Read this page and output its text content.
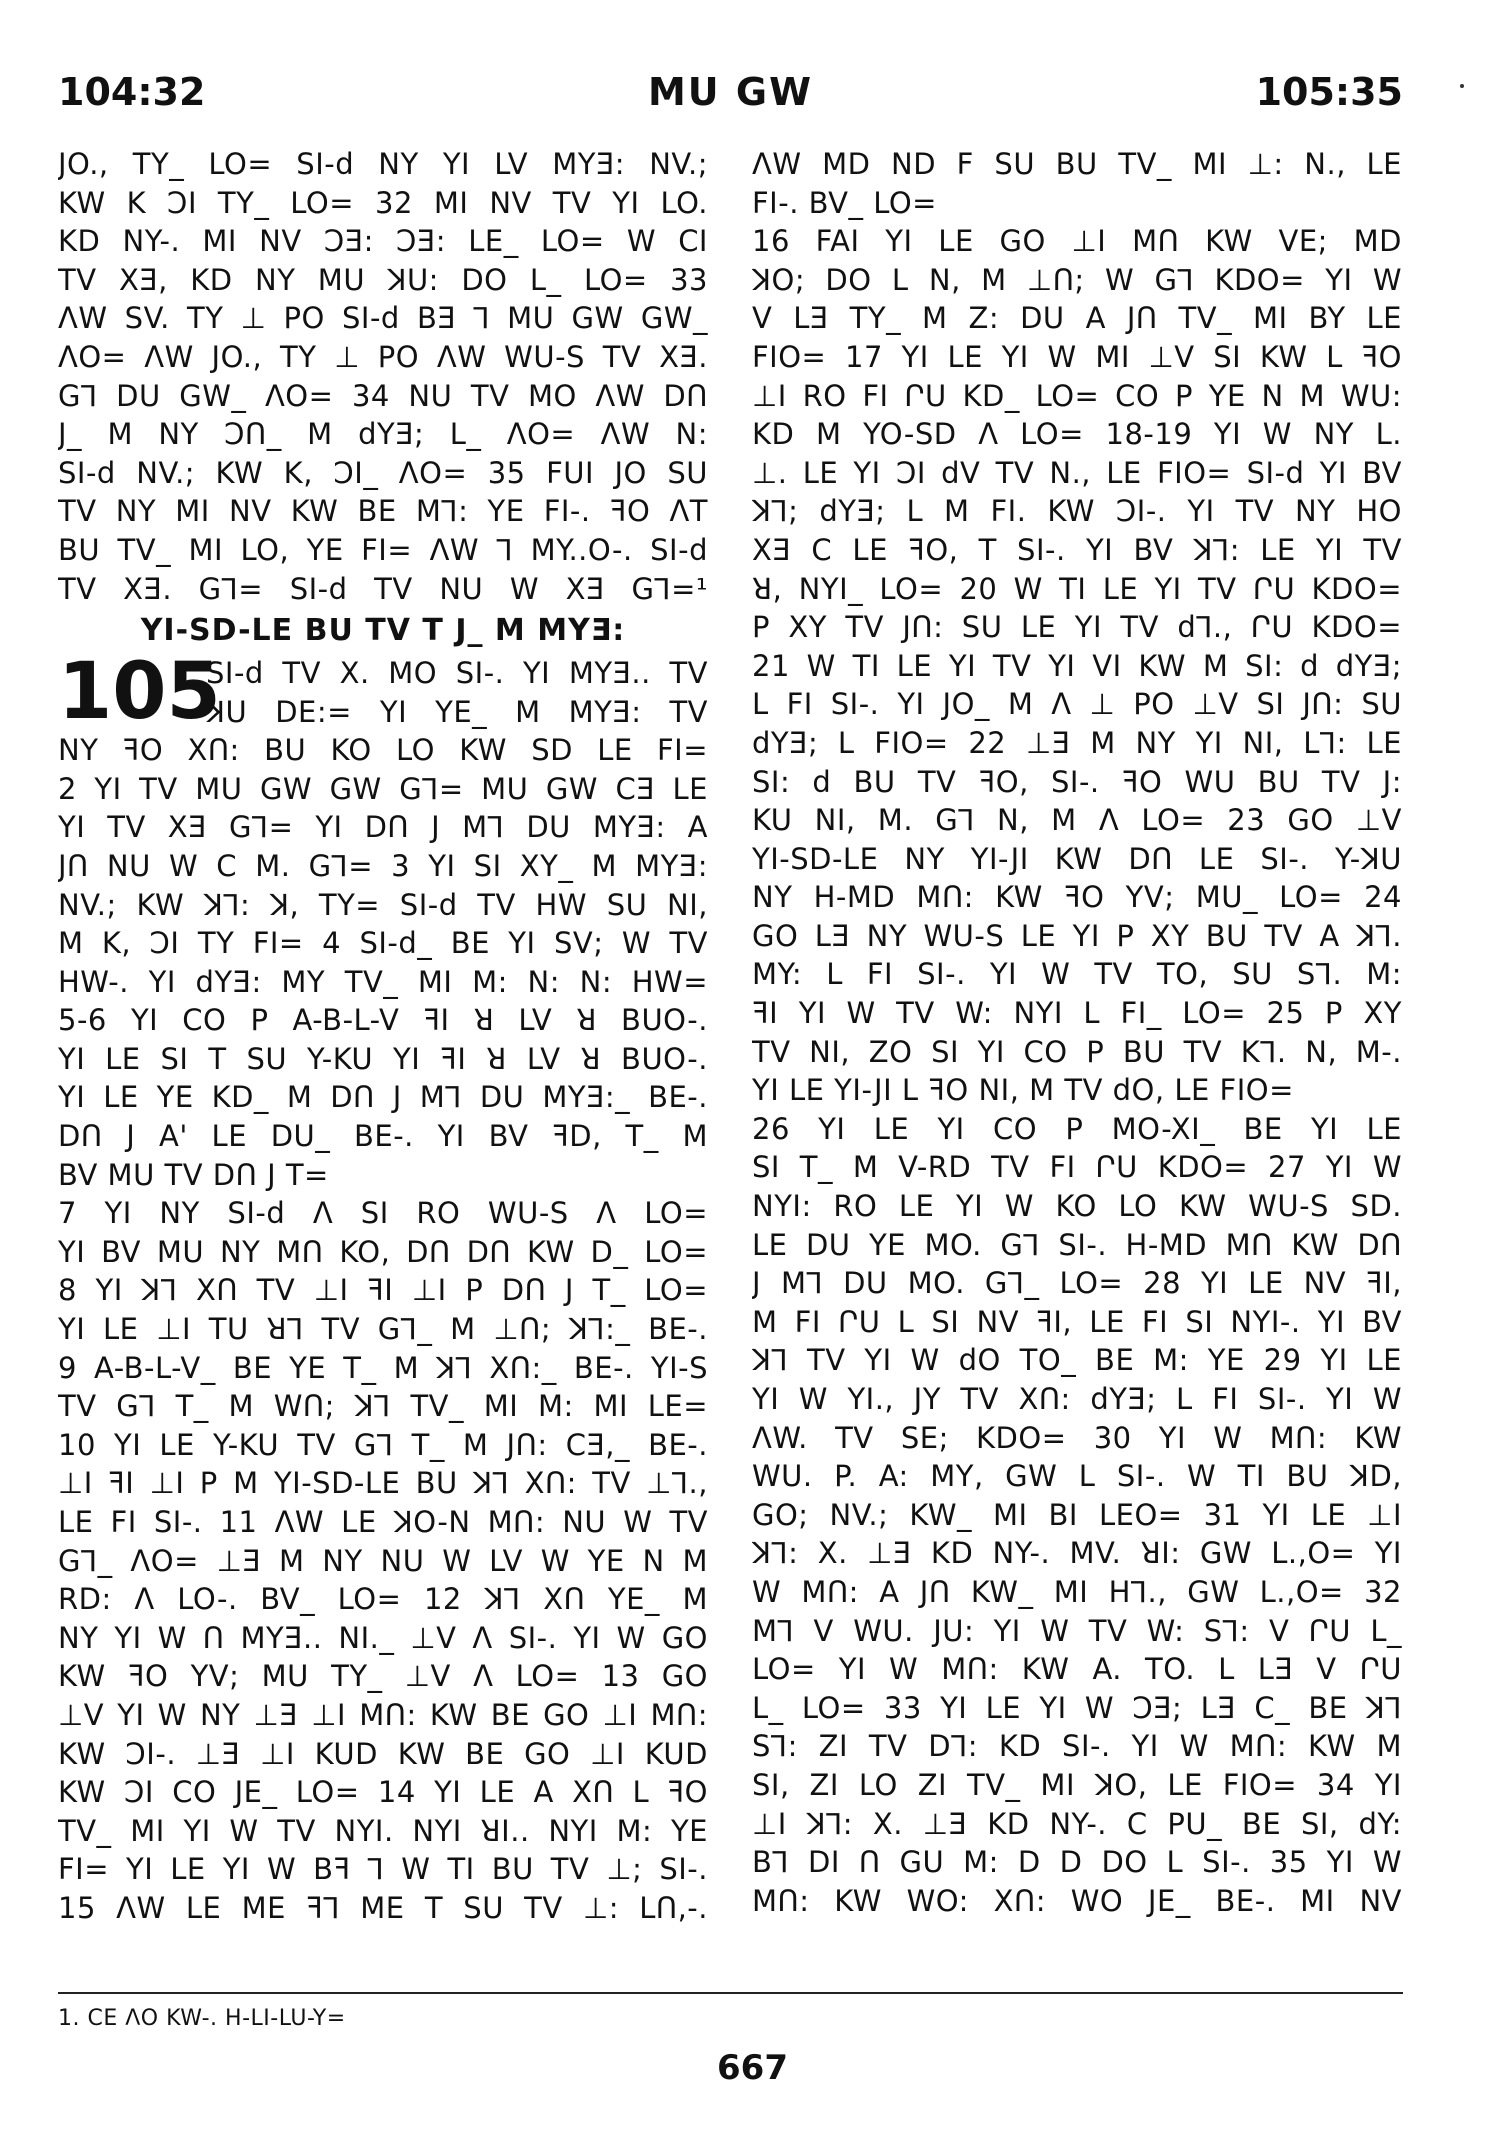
104:32	MU GW	105:35
JO., TY_ LO= SI-d NY YI LV MYƎ: NV.;
KW K ƆI TY_ LO= 32 MI NV TV YI LO.
KD NY-. MI NV ƆƎ: ƆƎ: LE_ LO= W CI
TV XƎ, KD NY MU ꓘU: DO L_ LO= 33
ΛW SV. TY ⊥ PO SI-d BƎ ꓶ MU GW GW_
ΛO= ΛW JO., TY ⊥ PO ΛW WU-S TV XƎ.
Gꓶ DU GW_ ΛO= 34 NU TV MO ΛW DՈ
J_ M NY ƆՈ_ M dYƎ; L_ ΛO= ΛW N:
SI-d NV.; KW K, ƆI_ ΛO= 35 FUI JO SU
TV NY MI NV KW BE Mꓶ: YE FI-. ꟻO ΛT
BU TV_ MI LO, YE FI= ΛW ꓶ MY..O-. SI-d
TV XƎ. Gꓶ= SI-d TV NU W XƎ Gꓶ=¹
YI-SD-LE BU TV T J_ M MYƎ:
105
SI-d TV X. MO SI-. YI MYƎ.. TV
ꓘU DE:= YI YE_ M MYƎ: TV
NY ꟻO XՈ: BU KO LO KW SD LE FI=
2 YI TV MU GW GW Gꓶ= MU GW CƎ LE
YI TV XƎ Gꓶ= YI DՈ J Mꓶ DU MYƎ: A
JՈ NU W C M. Gꓶ= 3 YI SI XY_ M MYƎ:
NV.; KW ꓘꓶ: ꓘ, TY= SI-d TV HW SU NI,
M K, ƆI TY FI= 4 SI-d_ BE YI SV; W TV
HW-. YI dYƎ: MY TV_ MI M: N: N: HW=
5-6 YI CO P A-B-L-V ꟻI ꓤ LV ꓤ BUO-.
YI LE SI T SU Y-KU YI ꟻI ꓤ LV ꓤ BUO-.
YI LE YE KD_ M DՈ J Mꓶ DU MYƎ:_ BE-.
DՈ J A' LE DU_ BE-. YI BV ꟻD, T_ M
BV MU TV DՈ J T=
7 YI NY SI-d Λ SI RO WU-S Λ LO=
YI BV MU NY MՈ KO, DՈ DՈ KW D_ LO=
8 YI ꓘꓶ XՈ TV ⊥I ꟻI ⊥I P DՈ J T_ LO=
YI LE ⊥I TU ꓤꓶ TV Gꓶ_ M ⊥Ո; ꓘꓶ:_ BE-.
9 A-B-L-V_ BE YE T_ M ꓘꓶ XՈ:_ BE-. YI-S
TV Gꓶ T_ M WՈ; ꓘꓶ TV_ MI M: MI LE=
10 YI LE Y-KU TV Gꓶ T_ M JՈ: CƎ,_ BE-.
⊥I ꟻI ⊥I P M YI-SD-LE BU ꓘꓶ XՈ: TV ⊥ꓶ.,
LE FI SI-. 11 ΛW LE ꓘO-N MՈ: NU W TV
Gꓶ_ ΛO= ⊥Ǝ M NY NU W LV W YE N M
RD: Λ LO-. BV_ LO= 12 ꓘꓶ XՈ YE_ M
NY YI W Ո MYƎ.. NI._ ⊥V Λ SI-. YI W GO
KW ꟻO YV; MU TY_ ⊥V Λ LO= 13 GO
⊥V YI W NY ⊥Ǝ ⊥I MՈ: KW BE GO ⊥I MՈ:
KW ƆI-. ⊥Ǝ ⊥I KUD KW BE GO ⊥I KUD
KW ƆI CO JE_ LO= 14 YI LE A XՈ L ꟻO
TV_ MI YI W TV NYI. NYI ꓤI.. NYI M: YE
FI= YI LE YI W Bꟻ ꓶ W TI BU TV ⊥; SI-.
15 ΛW LE ME ꟻꓶ ME T SU TV ⊥: LՈ,-.
ΛW MD ND F SU BU TV_ MI ⊥: N., LE
FI-. BV_ LO=
16 FAI YI LE GO ⊥I MՈ KW VE; MD
ꓘO; DO L N, M ⊥Ո; W Gꓶ KDO= YI W
V LƎ TY_ M Z: DU A JՈ TV_ MI BY LE
FIO= 17 YI LE YI W MI ⊥V SI KW L ꟻO
⊥I RO FI ՐU KD_ LO= CO P YE N M WU:
KD M YO-SD Λ LO= 18-19 YI W NY L.
⊥. LE YI ƆI dV TV N., LE FIO= SI-d YI BV
ꓘꓶ; dYƎ; L M FI. KW ƆI-. YI TV NY HO
XƎ C LE ꟻO, T SI-. YI BV ꓘꓶ: LE YI TV
ꓤ, NYI_ LO= 20 W TI LE YI TV ՐU KDO=
P XY TV JՈ: SU LE YI TV dꓶ., ՐU KDO=
21 W TI LE YI TV YI VI KW M SI: d dYƎ;
L FI SI-. YI JO_ M Λ ⊥ PO ⊥V SI JՈ: SU
dYƎ; L FIO= 22 ⊥Ǝ M NY YI NI, Lꓶ: LE
SI: d BU TV ꟻO, SI-. ꟻO WU BU TV J:
KU NI, M. Gꓶ N, M Λ LO= 23 GO ⊥V
YI-SD-LE NY YI-JI KW DՈ LE SI-. Y-ꓘU
NY H-MD MՈ: KW ꟻO YV; MU_ LO= 24
GO LƎ NY WU-S LE YI P XY BU TV A ꓘꓶ.
MY: L FI SI-. YI W TV TO, SU Sꓶ. M:
ꟻI YI W TV W: NYI L FI_ LO= 25 P XY
TV NI, ZO SI YI CO P BU TV Kꓶ. N, M-.
YI LE YI-JI L ꟻO NI, M TV dO, LE FIO=
26 YI LE YI CO P MO-XI_ BE YI LE
SI T_ M V-RD TV FI ՐU KDO= 27 YI W
NYI: RO LE YI W KO LO KW WU-S SD.
LE DU YE MO. Gꓶ SI-. H-MD MՈ KW DՈ
J Mꓶ DU MO. Gꓶ_ LO= 28 YI LE NV ꟻI,
M FI ՐU L SI NV ꟻI, LE FI SI NYI-. YI BV
ꓘꓶ TV YI W dO TO_ BE M: YE 29 YI LE
YI W YI., JY TV XՈ: dYƎ; L FI SI-. YI W
ΛW. TV SE; KDO= 30 YI W MՈ: KW
WU. P. A: MY, GW L SI-. W TI BU ꓘD,
GO; NV.; KW_ MI BI LEO= 31 YI LE ⊥I
ꓘꓶ: X. ⊥Ǝ KD NY-. MV. ꓤI: GW L.,O= YI
W MՈ: A JՈ KW_ MI Hꓶ., GW L.,O= 32
Mꓶ V WU. JU: YI W TV W: Sꓶ: V ՐU L_
LO= YI W MՈ: KW A. TO. L LƎ V ՐU
L_ LO= 33 YI LE YI W ƆƎ; LƎ C_ BE ꓘꓶ
Sꓶ: ZI TV Dꓶ: KD SI-. YI W MՈ: KW M
SI, ZI LO ZI TV_ MI ꓘO, LE FIO= 34 YI
⊥I ꓘꓶ: X. ⊥Ǝ KD NY-. C PU_ BE SI, dY:
Bꓶ DI Ո GU M: D D DO L SI-. 35 YI W
MՈ: KW WO: XՈ: WO JE_ BE-. MI NV
1. CE ΛO KW-. H-LI-LU-Y=
667
